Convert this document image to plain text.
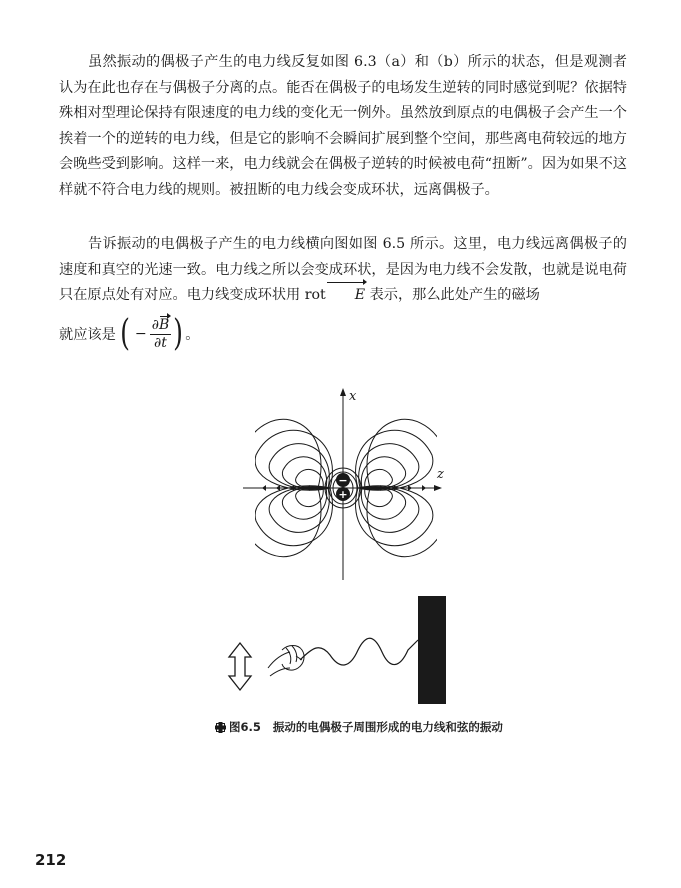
虽然振动的偶极子产生的电力线反复如图 6.3（a）和（b）所示的状态，但是观测者认为在此也存在与偶极子分离的点。能否在偶极子的电场发生逆转的同时感觉到呢？依据特殊相对型理论保持有限速度的电力线的变化无一例外。虽然放到原点的电偶极子会产生一个挨着一个的逆转的电力线，但是它的影响不会瞬间扩展到整个空间，那些离电荷较远的地方会晚些受到影响。这样一来，电力线就会在偶极子逆转的时候被电荷“扭断”。因为如果不这样就不符合电力线的规则。被扭断的电力线会变成环状，远离偶极子。

告诉振动的电偶极子产生的电力线横向图如图 6.5 所示。这里，电力线远离偶极子的速度和真空的光速一致。电力线之所以会变成环状，是因为电力线不会发散，也就是说电荷只在原点处有对应。电力线变成环状用 rot E 表示，那么此处产生的磁场

就应该是 ( − $\frac{\partial B}{\partial t}$ ) 。
x
z
−
+
图6.5 振动的电偶极子周围形成的电力线和弦的振动
212
